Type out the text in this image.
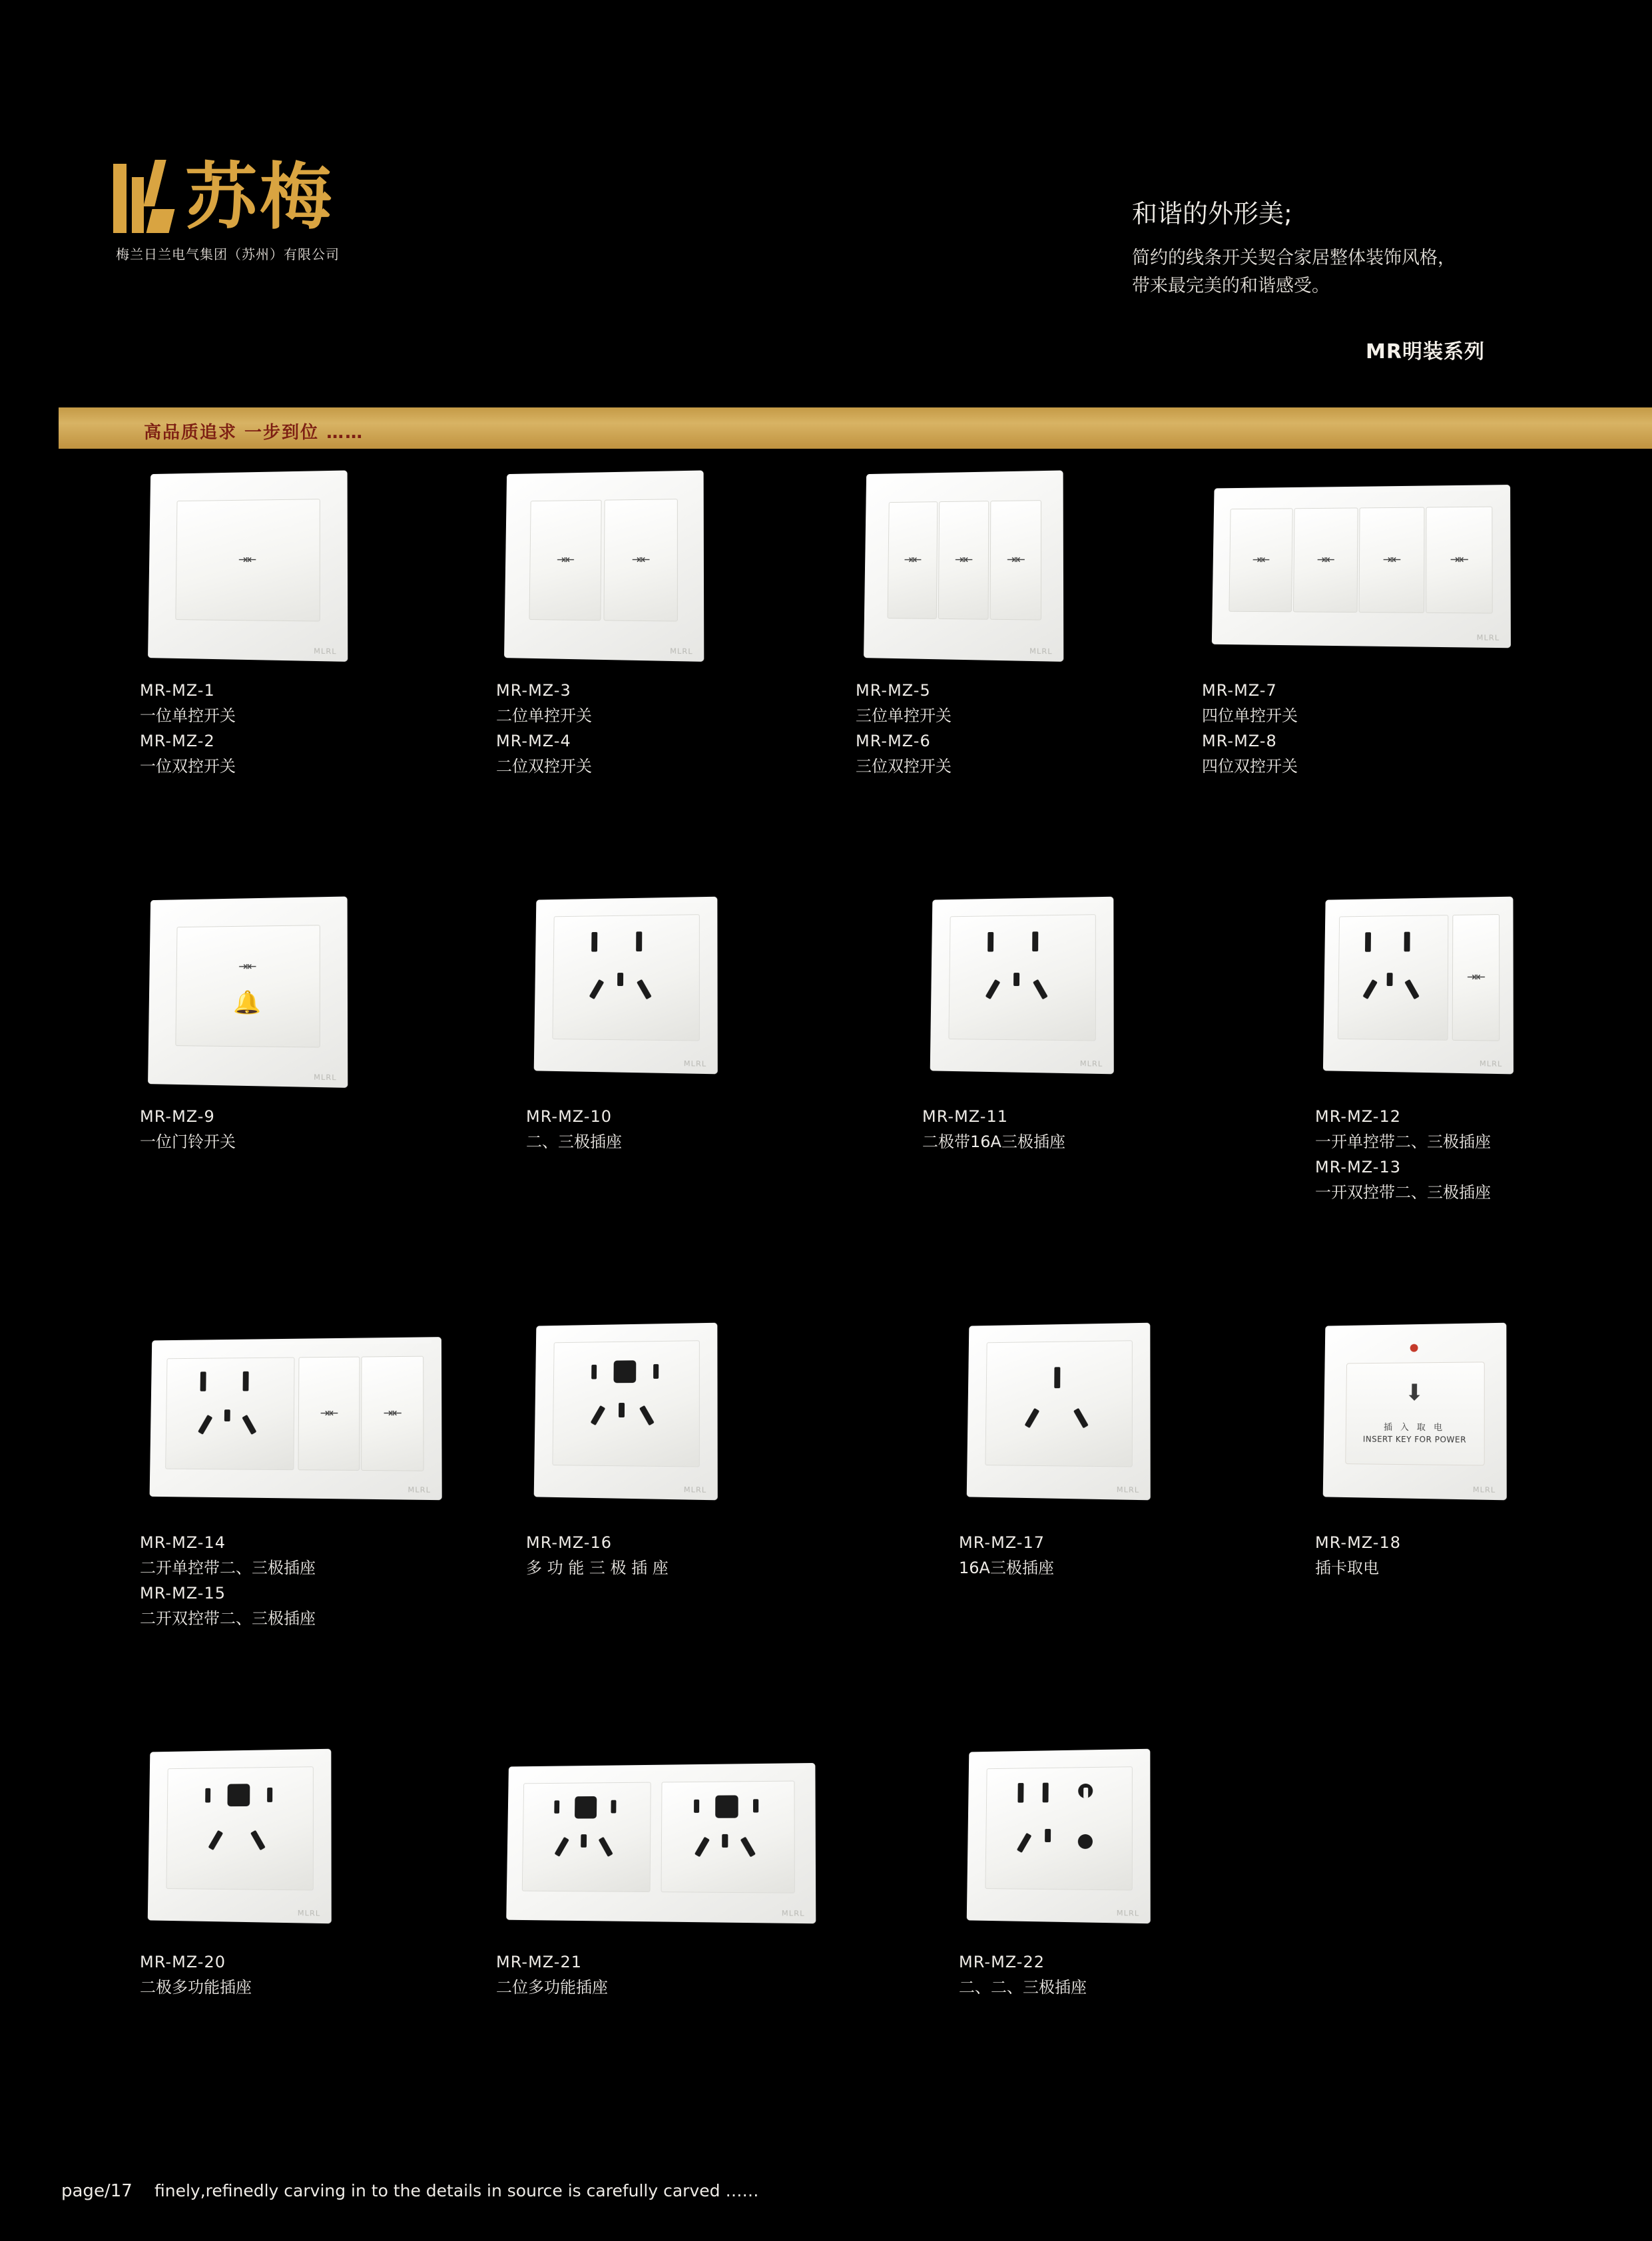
苏梅
梅兰日兰电气集团（苏州）有限公司
和谐的外形美;
简约的线条开关契合家居整体装饰风格，
带来最完美的和谐感受。
MR明装系列
高品质追求 一步到位 ……
⇥⇤
MLRL
MR-MZ-1
一位单控开关
MR-MZ-2
一位双控开关
⇥⇤	⇥⇤
MLRL
MR-MZ-3
二位单控开关
MR-MZ-4
二位双控开关
⇥⇤	⇥⇤	⇥⇤
MLRL
MR-MZ-5
三位单控开关
MR-MZ-6
三位双控开关
⇥⇤	⇥⇤	⇥⇤	⇥⇤
MLRL
MR-MZ-7
四位单控开关
MR-MZ-8
四位双控开关
⇥⇤
🔔
MLRL
MR-MZ-9
一位门铃开关
MLRL
MR-MZ-10
二、三极插座
MLRL
MR-MZ-11
二极带16A三极插座
⇥⇤
MLRL
MR-MZ-12
一开单控带二、三极插座
MR-MZ-13
一开双控带二、三极插座
⇥⇤	⇥⇤
MLRL
MR-MZ-14
二开单控带二、三极插座
MR-MZ-15
二开双控带二、三极插座
MLRL
MR-MZ-16
多 功 能 三 极 插 座
MLRL
MR-MZ-17
16A三极插座
⬇
插 入 取 电
INSERT KEY FOR POWER
MLRL
MR-MZ-18
插卡取电
MLRL
MR-MZ-20
二极多功能插座
MLRL
MR-MZ-21
二位多功能插座
MLRL
MR-MZ-22
二、二、三极插座
page/17 finely,refinedly carving in to the details in source is carefully carved ……
